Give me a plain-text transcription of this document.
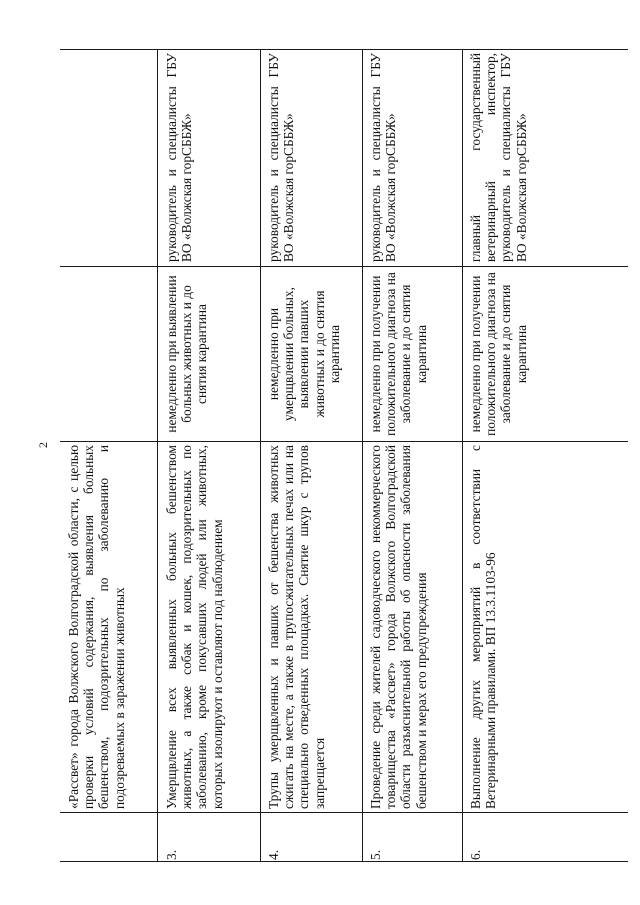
2 «Рассвет» города Волжского Волгоградской области, с целью проверки условий содержания, выявления больных бешенством, подозрительных по заболеванию и подозреваемых в заражении животных
3.
Умерщвление всех выявленных больных бешенством животных, а также собак и кошек, подозрительных по заболеванию, кроме покусавших людей или животных, которых изолируют и оставляют под наблюдением
немедленно при выявлении больных животных и до снятия карантина
руководитель и специалисты ГБУ ВО «Волжская горСББЖ»
4.
Трупы умерщвленных и павших от бешенства животных сжигать на месте, а также в трупосжигательных печах или на специально отведенных площадках. Снятие шкур с трупов запрещается
немедленно при умерщвлении больных, выявлении павших животных и до снятия карантина
руководитель и специалисты ГБУ ВО «Волжская горСББЖ»
5.
Проведение среди жителей садоводческого некоммерческого товарищества «Рассвет» города Волжского Волгоградской области разъяснительной работы об опасности заболевания бешенством и мерах его предупреждения
немедленно при получении положительного диагноза на заболевание и до снятия карантина
руководитель и специалисты ГБУ ВО «Волжская горСББЖ»
6.
Выполнение других мероприятий в соответствии с Ветеринарными правилами. ВП 13.3.1103-96
немедленно при получении положительного диагноза на заболевание и до снятия карантина
главный государственный ветеринарный инспектор, руководитель и специалисты ГБУ ВО «Волжская горСББЖ»
